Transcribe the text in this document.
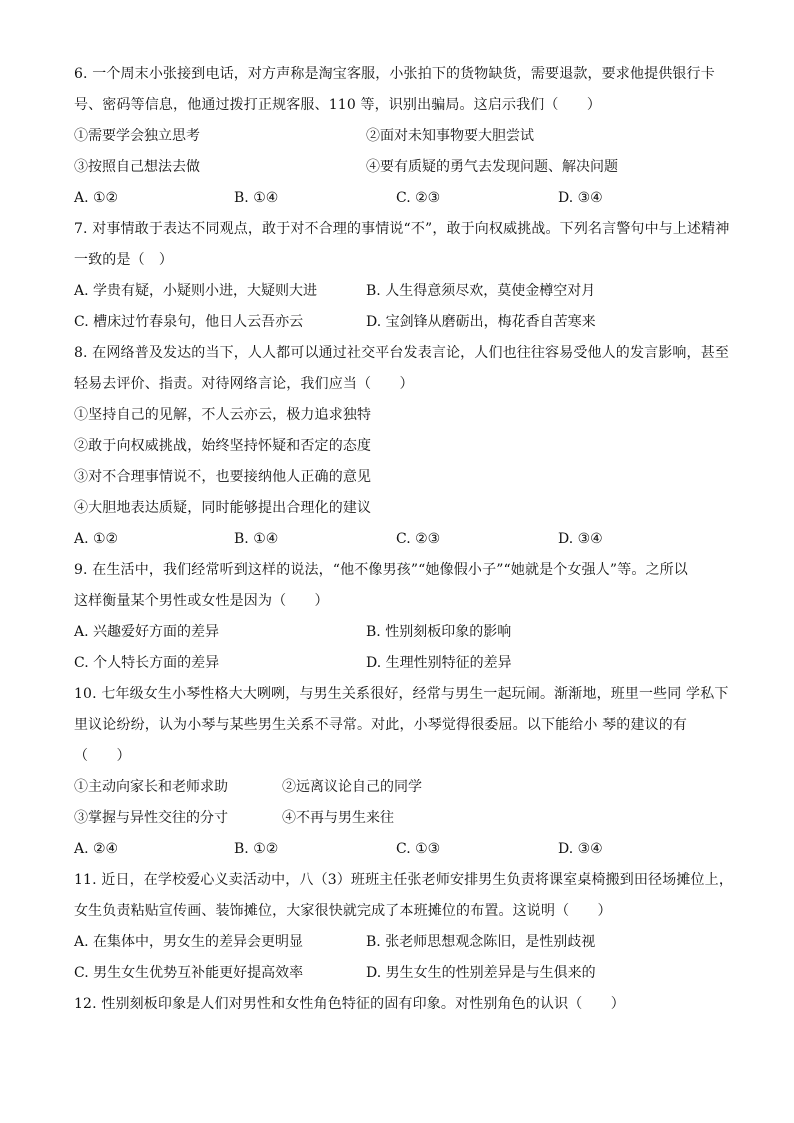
6. 一个周末小张接到电话，对方声称是淘宝客服，小张拍下的货物缺货，需要退款，要求他提供银行卡
号、密码等信息，他通过拨打正规客服、110 等，识别出骗局。这启示我们（　　）
①需要学会独立思考	②面对未知事物要大胆尝试
③按照自己想法去做	④要有质疑的勇气去发现问题、解决问题
A. ①②	B. ①④	C. ②③	D. ③④
7. 对事情敢于表达不同观点，敢于对不合理的事情说“不”，敢于向权威挑战。下列名言警句中与上述精神
一致的是（　）
A. 学贵有疑，小疑则小进，大疑则大进	B. 人生得意须尽欢，莫使金樽空对月
C. 槽床过竹春泉句，他日人云吾亦云	D. 宝剑锋从磨砺出，梅花香自苦寒来
8. 在网络普及发达的当下，人人都可以通过社交平台发表言论，人们也往往容易受他人的发言影响，甚至
轻易去评价、指责。对待网络言论，我们应当（　　）
①坚持自己的见解，不人云亦云，极力追求独特
②敢于向权威挑战，始终坚持怀疑和否定的态度
③对不合理事情说不，也要接纳他人正确的意见
④大胆地表达质疑，同时能够提出合理化的建议
A. ①②	B. ①④	C. ②③	D. ③④
9. 在生活中，我们经常听到这样的说法，“他不像男孩”“她像假小子”“她就是个女强人”等。之所以
这样衡量某个男性或女性是因为（　　）
A. 兴趣爱好方面的差异	B. 性别刻板印象的影响
C. 个人特长方面的差异	D. 生理性别特征的差异
10. 七年级女生小琴性格大大咧咧，与男生关系很好，经常与男生一起玩闹。渐渐地，班里一些同 学私下
里议论纷纷，认为小琴与某些男生关系不寻常。对此，小琴觉得很委屈。以下能给小 琴的建议的有
（　　）
①主动向家长和老师求助	②远离议论自己的同学
③掌握与异性交往的分寸	④不再与男生来往
A. ②④	B. ①②	C. ①③	D. ③④
11. 近日，在学校爱心义卖活动中，八（3）班班主任张老师安排男生负责将课室桌椅搬到田径场摊位上，
女生负责粘贴宣传画、装饰摊位，大家很快就完成了本班摊位的布置。这说明（　　）
A. 在集体中，男女生的差异会更明显	B. 张老师思想观念陈旧，是性别歧视
C. 男生女生优势互补能更好提高效率	D. 男生女生的性别差异是与生俱来的
12. 性别刻板印象是人们对男性和女性角色特征的固有印象。对性别角色的认识（　　）
